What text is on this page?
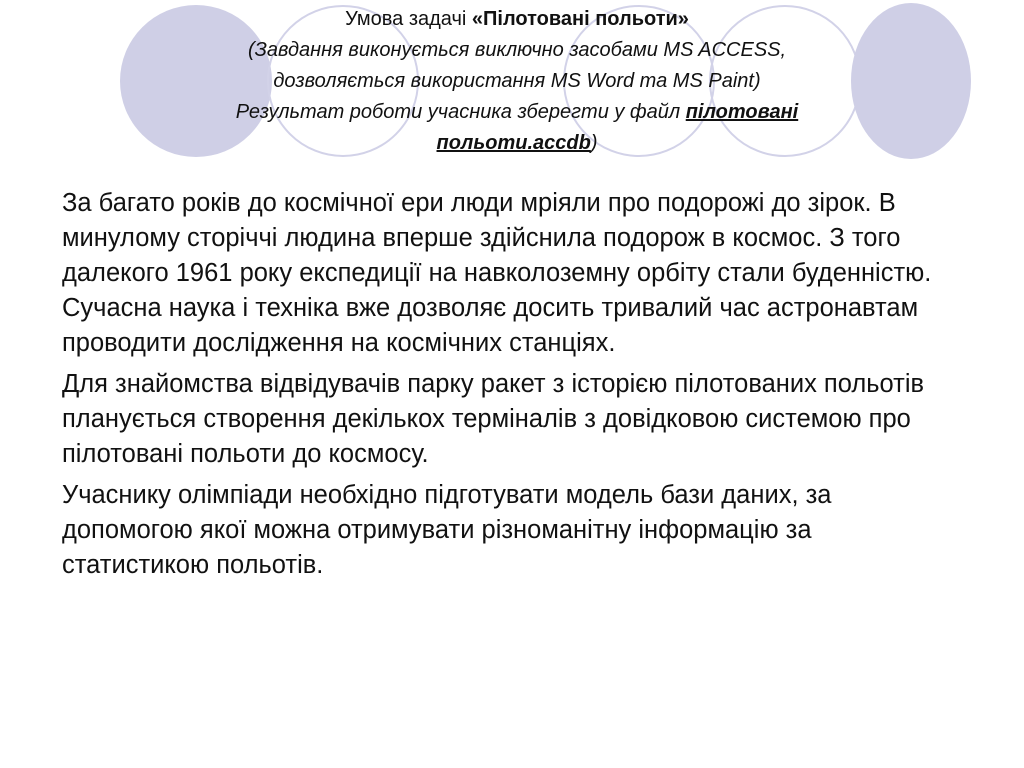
Умова задачі «Пілотовані польоти»
(Завдання виконується виключно засобами MS ACCESS,
дозволяється використання MS Word та MS Paint)
Результат роботи учасника зберегти у файл пілотовані
польоти.accdb)

За багато років до космічної ери люди мріяли про подорожі до зірок. В минулому сторіччі людина вперше здійснила подорож в космос. З того далекого 1961 року експедиції на навколоземну орбіту стали буденністю. Сучасна наука і техніка вже дозволяє досить тривалий час астронавтам проводити дослідження на космічних станціях.

Для знайомства відвідувачів парку ракет з історією пілотованих польотів планується створення декількох терміналів з довідковою системою про пілотовані польоти до космосу.

Учаснику олімпіади необхідно підготувати модель бази даних, за допомогою якої можна отримувати різноманітну інформацію за статистикою польотів.
